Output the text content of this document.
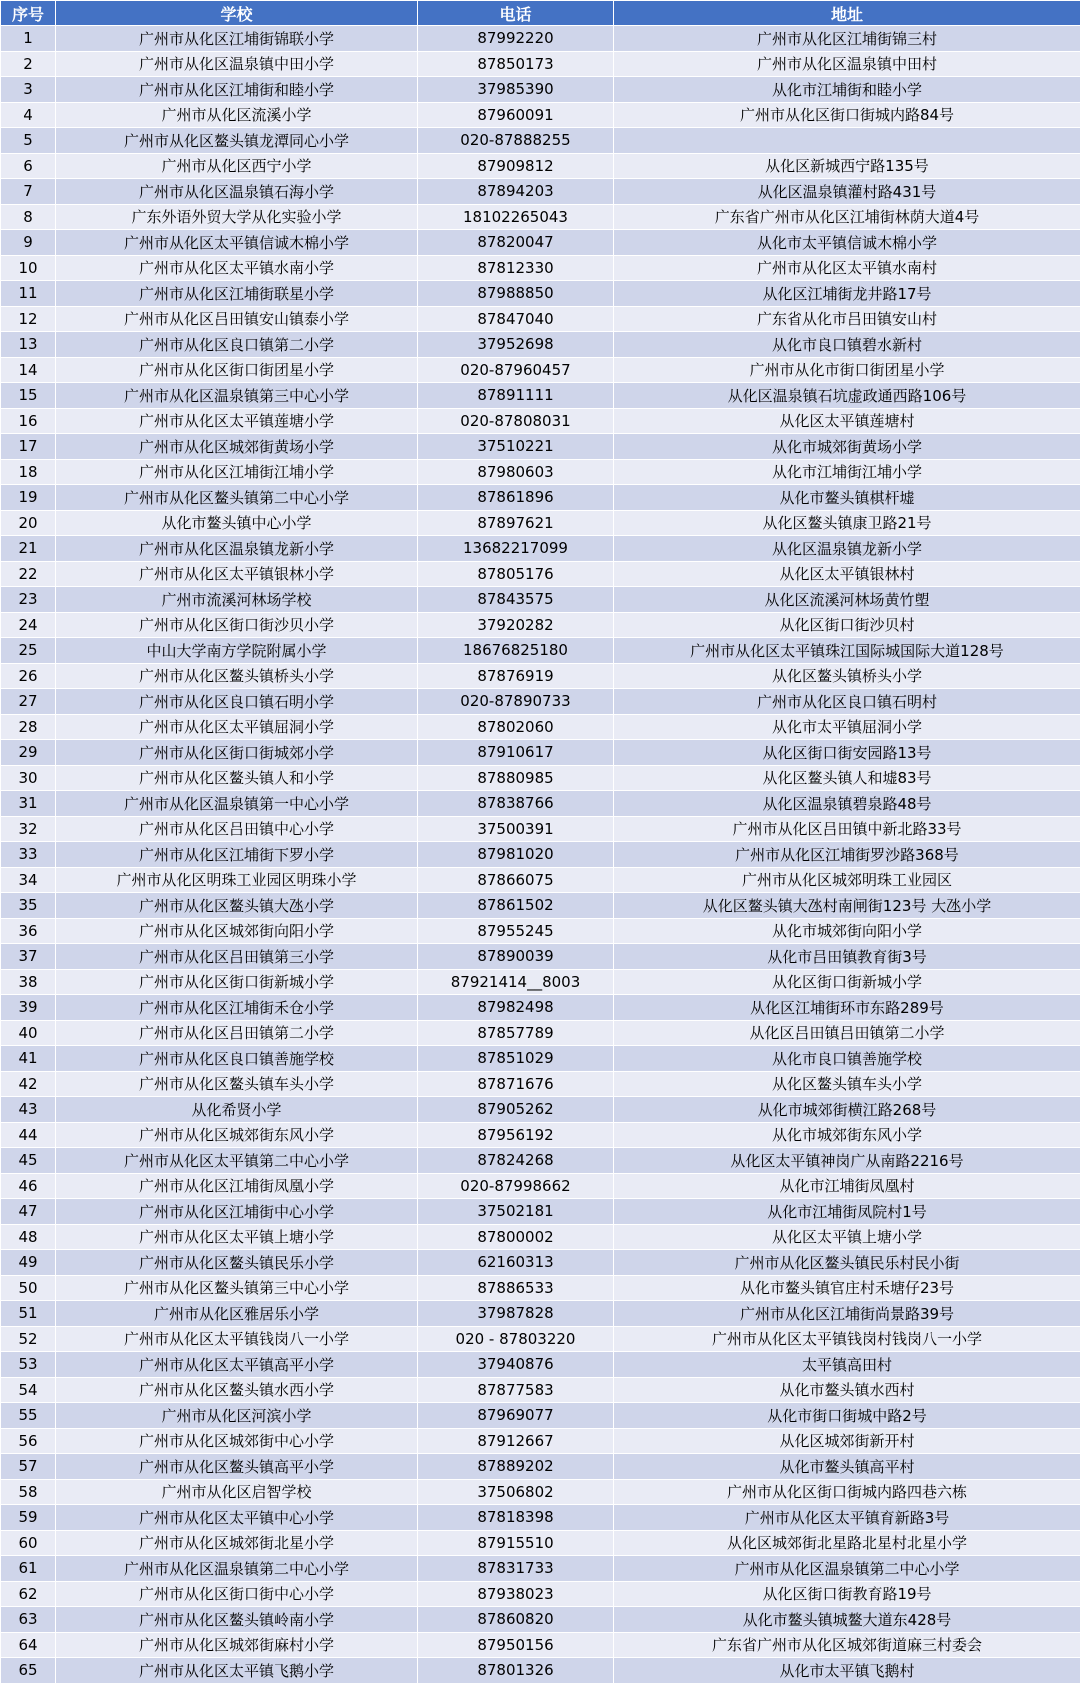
序号	学校	电话	地址
1	广州市从化区江埔街锦联小学	87992220	广州市从化区江埔街锦三村
2	广州市从化区温泉镇中田小学	87850173	广州市从化区温泉镇中田村
3	广州市从化区江埔街和睦小学	37985390	从化市江埔街和睦小学
4	广州市从化区流溪小学	87960091	广州市从化区街口街城内路84号
5	广州市从化区鳌头镇龙潭同心小学	020-87888255	
6	广州市从化区西宁小学	87909812	从化区新城西宁路135号
7	广州市从化区温泉镇石海小学	87894203	从化区温泉镇灌村路431号
8	广东外语外贸大学从化实验小学	18102265043	广东省广州市从化区江埔街林荫大道4号
9	广州市从化区太平镇信诚木棉小学	87820047	从化市太平镇信诚木棉小学
10	广州市从化区太平镇水南小学	87812330	广州市从化区太平镇水南村
11	广州市从化区江埔街联星小学	87988850	从化区江埔街龙井路17号
12	广州市从化区吕田镇安山镇泰小学	87847040	广东省从化市吕田镇安山村
13	广州市从化区良口镇第二小学	37952698	从化市良口镇碧水新村
14	广州市从化区街口街团星小学	020-87960457	广州市从化市街口街团星小学
15	广州市从化区温泉镇第三中心小学	87891111	从化区温泉镇石坑虚政通西路106号
16	广州市从化区太平镇莲塘小学	020-87808031	从化区太平镇莲塘村
17	广州市从化区城郊街黄场小学	37510221	从化市城郊街黄场小学
18	广州市从化区江埔街江埔小学	87980603	从化市江埔街江埔小学
19	广州市从化区鳌头镇第二中心小学	87861896	从化市鳌头镇棋杆墟
20	从化市鳌头镇中心小学	87897621	从化区鳌头镇康卫路21号
21	广州市从化区温泉镇龙新小学	13682217099	从化区温泉镇龙新小学
22	广州市从化区太平镇银林小学	87805176	从化区太平镇银林村
23	广州市流溪河林场学校	87843575	从化区流溪河林场黄竹塱
24	广州市从化区街口街沙贝小学	37920282	从化区街口街沙贝村
25	中山大学南方学院附属小学	18676825180	广州市从化区太平镇珠江国际城国际大道128号
26	广州市从化区鳌头镇桥头小学	87876919	从化区鳌头镇桥头小学
27	广州市从化区良口镇石明小学	020-87890733	广州市从化区良口镇石明村
28	广州市从化区太平镇屈洞小学	87802060	从化市太平镇屈洞小学
29	广州市从化区街口街城郊小学	87910617	从化区街口街安园路13号
30	广州市从化区鳌头镇人和小学	87880985	从化区鳌头镇人和墟83号
31	广州市从化区温泉镇第一中心小学	87838766	从化区温泉镇碧泉路48号
32	广州市从化区吕田镇中心小学	37500391	广州市从化区吕田镇中新北路33号
33	广州市从化区江埔街下罗小学	87981020	广州市从化区江埔街罗沙路368号
34	广州市从化区明珠工业园区明珠小学	87866075	广州市从化区城郊明珠工业园区
35	广州市从化区鳌头镇大氹小学	87861502	从化区鳌头镇大氹村南闸街123号 大氹小学
36	广州市从化区城郊街向阳小学	87955245	从化市城郊街向阳小学
37	广州市从化区吕田镇第三小学	87890039	从化市吕田镇教育街3号
38	广州市从化区街口街新城小学	87921414__8003	从化区街口街新城小学
39	广州市从化区江埔街禾仓小学	87982498	从化区江埔街环市东路289号
40	广州市从化区吕田镇第二小学	87857789	从化区吕田镇吕田镇第二小学
41	广州市从化区良口镇善施学校	87851029	从化市良口镇善施学校
42	广州市从化区鳌头镇车头小学	87871676	从化区鳌头镇车头小学
43	从化希贤小学	87905262	从化市城郊街横江路268号
44	广州市从化区城郊街东风小学	87956192	从化市城郊街东风小学
45	广州市从化区太平镇第二中心小学	87824268	从化区太平镇神岗广从南路2216号
46	广州市从化区江埔街凤凰小学	020-87998662	从化市江埔街凤凰村
47	广州市从化区江埔街中心小学	37502181	从化市江埔街凤院村1号
48	广州市从化区太平镇上塘小学	87800002	从化区太平镇上塘小学
49	广州市从化区鳌头镇民乐小学	62160313	广州市从化区鳌头镇民乐村民小街
50	广州市从化区鳌头镇第三中心小学	87886533	从化市鳌头镇官庄村禾塘仔23号
51	广州市从化区雅居乐小学	37987828	广州市从化区江埔街尚景路39号
52	广州市从化区太平镇钱岗八一小学	020 - 87803220	广州市从化区太平镇钱岗村钱岗八一小学
53	广州市从化区太平镇高平小学	37940876	太平镇高田村
54	广州市从化区鳌头镇水西小学	87877583	从化市鳌头镇水西村
55	广州市从化区河滨小学	87969077	从化市街口街城中路2号
56	广州市从化区城郊街中心小学	87912667	从化区城郊街新开村
57	广州市从化区鳌头镇高平小学	87889202	从化市鳌头镇高平村
58	广州市从化区启智学校	37506802	广州市从化区街口街城内路四巷六栋
59	广州市从化区太平镇中心小学	87818398	广州市从化区太平镇育新路3号
60	广州市从化区城郊街北星小学	87915510	从化区城郊街北星路北星村北星小学
61	广州市从化区温泉镇第二中心小学	87831733	广州市从化区温泉镇第二中心小学
62	广州市从化区街口街中心小学	87938023	从化区街口街教育路19号
63	广州市从化区鳌头镇岭南小学	87860820	从化市鳌头镇城鳌大道东428号
64	广州市从化区城郊街麻村小学	87950156	广东省广州市从化区城郊街道麻三村委会
65	广州市从化区太平镇飞鹅小学	87801326	从化市太平镇飞鹅村
